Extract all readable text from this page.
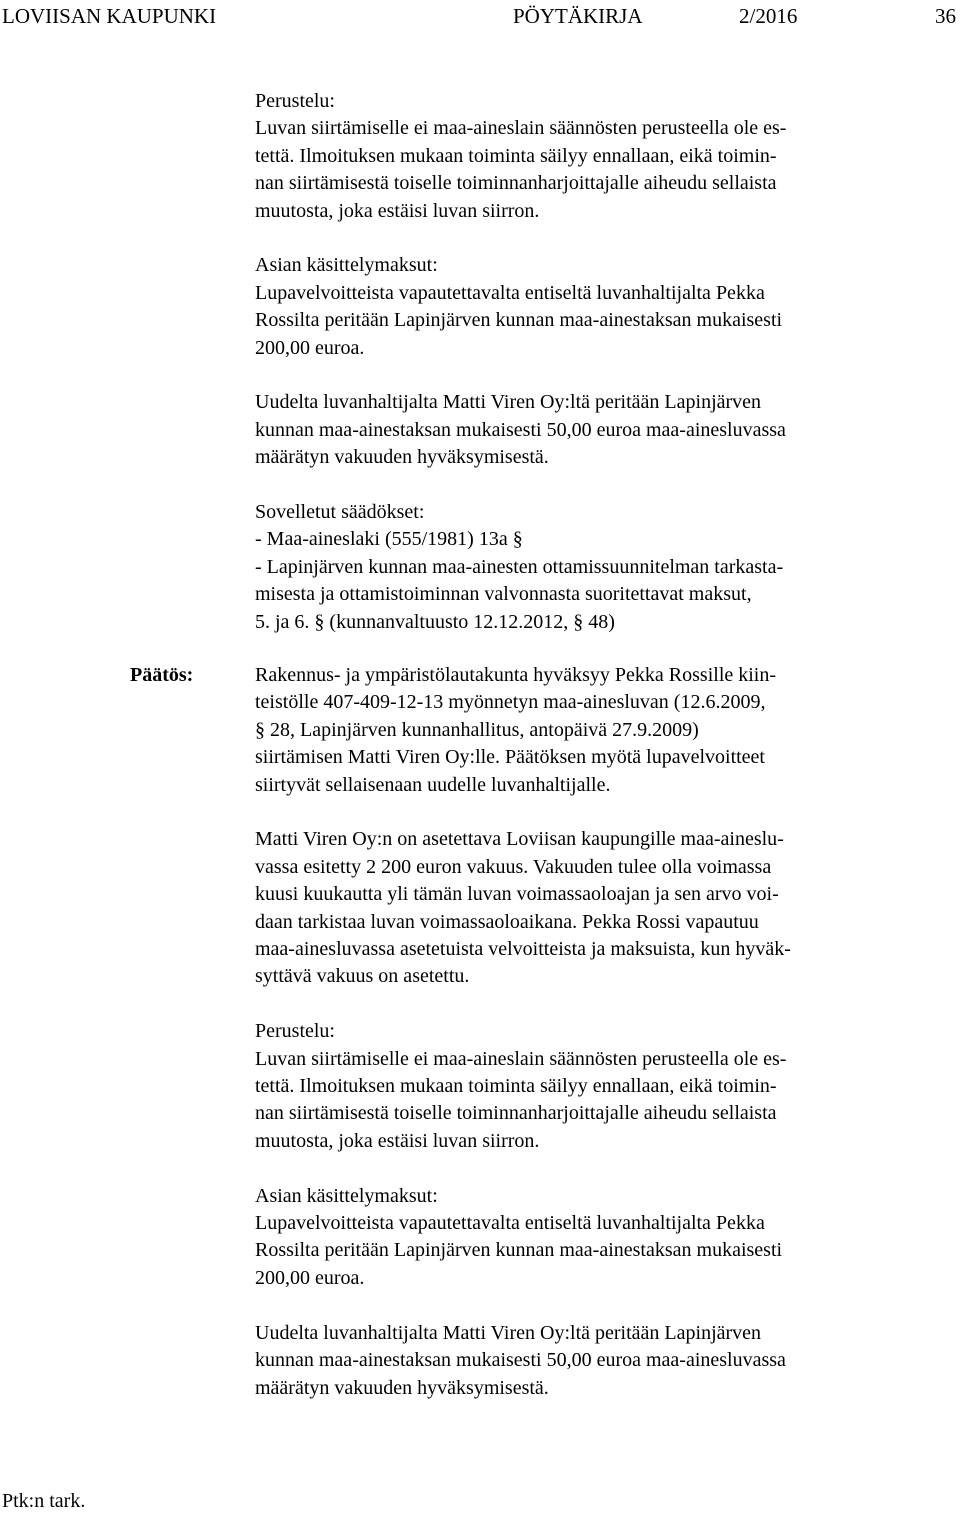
LOVIISAN KAUPUNKI	PÖYTÄKIRJA	2/2016	36
Perustelu:
Luvan siirtämiselle ei maa-aineslain säännösten perusteella ole es-
tettä. Ilmoituksen mukaan toiminta säilyy ennallaan, eikä toimin-
nan siirtämisestä toiselle toiminnanharjoittajalle aiheudu sellaista
muutosta, joka estäisi luvan siirron.
Asian käsittelymaksut:
Lupavelvoitteista vapautettavalta entiseltä luvanhaltijalta Pekka
Rossilta peritään Lapinjärven kunnan maa-ainestaksan mukaisesti
200,00 euroa.
Uudelta luvanhaltijalta Matti Viren Oy:ltä peritään Lapinjärven
kunnan maa-ainestaksan mukaisesti 50,00 euroa maa-ainesluvassa
määrätyn vakuuden hyväksymisestä.
Sovelletut säädökset:
- Maa-aineslaki (555/1981) 13a §
- Lapinjärven kunnan maa-ainesten ottamissuunnitelman tarkasta-
misesta ja ottamistoiminnan valvonnasta suoritettavat maksut,
5. ja 6. § (kunnanvaltuusto 12.12.2012, § 48)
Päätös:	Rakennus- ja ympäristölautakunta hyväksyy Pekka Rossille kiin-
teistölle 407-409-12-13 myönnetyn maa-ainesluvan (12.6.2009,
§ 28, Lapinjärven kunnanhallitus, antopäivä 27.9.2009)
siirtämisen Matti Viren Oy:lle. Päätöksen myötä lupavelvoitteet
siirtyvät sellaisenaan uudelle luvanhaltijalle.
Matti Viren Oy:n on asetettava Loviisan kaupungille maa-aineslu-
vassa esitetty 2 200 euron vakuus. Vakuuden tulee olla voimassa
kuusi kuukautta yli tämän luvan voimassaoloajan ja sen arvo voi-
daan tarkistaa luvan voimassaoloaikana. Pekka Rossi vapautuu
maa-ainesluvassa asetetuista velvoitteista ja maksuista, kun hyväk-
syttävä vakuus on asetettu.
Perustelu:
Luvan siirtämiselle ei maa-aineslain säännösten perusteella ole es-
tettä. Ilmoituksen mukaan toiminta säilyy ennallaan, eikä toimin-
nan siirtämisestä toiselle toiminnanharjoittajalle aiheudu sellaista
muutosta, joka estäisi luvan siirron.
Asian käsittelymaksut:
Lupavelvoitteista vapautettavalta entiseltä luvanhaltijalta Pekka
Rossilta peritään Lapinjärven kunnan maa-ainestaksan mukaisesti
200,00 euroa.
Uudelta luvanhaltijalta Matti Viren Oy:ltä peritään Lapinjärven
kunnan maa-ainestaksan mukaisesti 50,00 euroa maa-ainesluvassa
määrätyn vakuuden hyväksymisestä.
Ptk:n tark.
